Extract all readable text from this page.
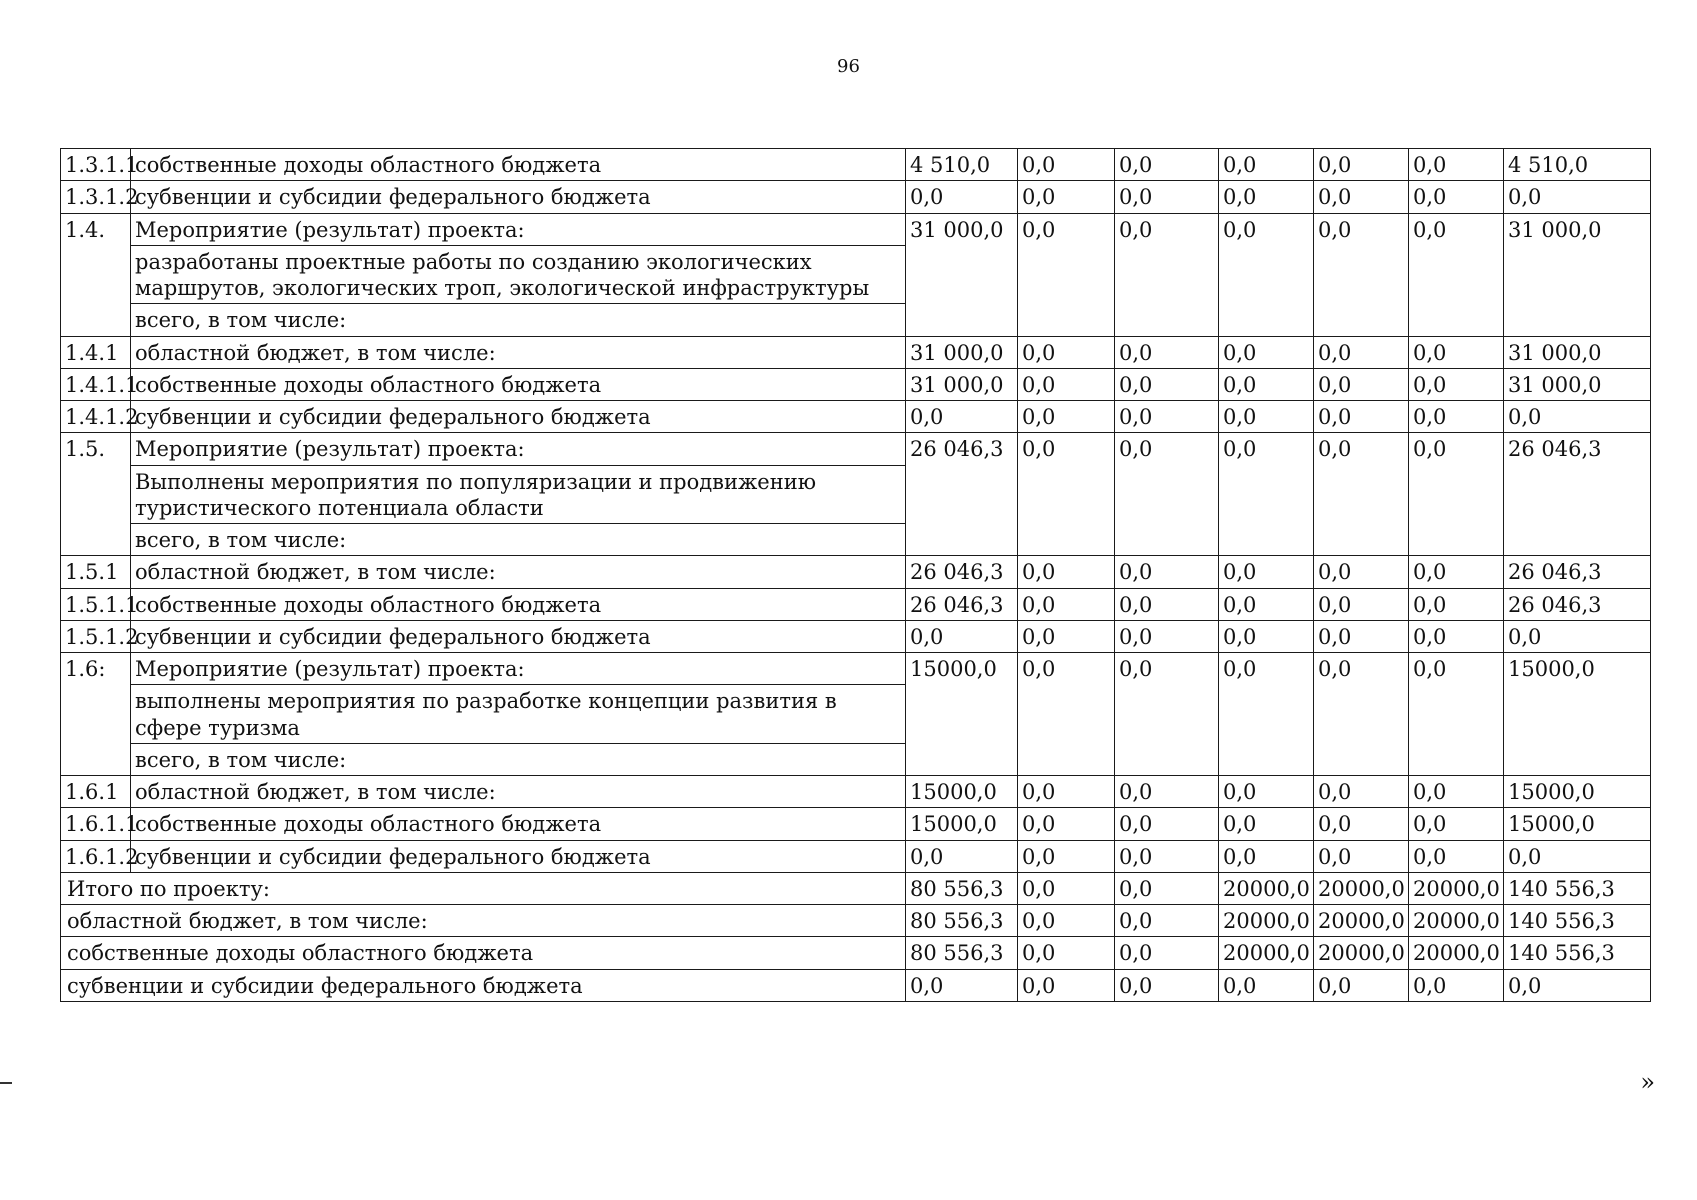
96
1.3.1.1	собственные доходы областного бюджета	4 510,0	0,0	0,0	0,0	0,0	0,0	4 510,0
1.3.1.2	субвенции и субсидии федерального бюджета	0,0	0,0	0,0	0,0	0,0	0,0	0,0
1.4.	Мероприятие (результат) проекта:	31 000,0	0,0	0,0	0,0	0,0	0,0	31 000,0
	разработаны проектные работы по созданию экологических маршрутов, экологических троп, экологической инфраструктуры							
	всего, в том числе:							
1.4.1	областной бюджет, в том числе:	31 000,0	0,0	0,0	0,0	0,0	0,0	31 000,0
1.4.1.1	собственные доходы областного бюджета	31 000,0	0,0	0,0	0,0	0,0	0,0	31 000,0
1.4.1.2	субвенции и субсидии федерального бюджета	0,0	0,0	0,0	0,0	0,0	0,0	0,0
1.5.	Мероприятие (результат) проекта:	26 046,3	0,0	0,0	0,0	0,0	0,0	26 046,3
	Выполнены мероприятия по популяризации и продвижению туристического потенциала области							
	всего, в том числе:							
1.5.1	областной бюджет, в том числе:	26 046,3	0,0	0,0	0,0	0,0	0,0	26 046,3
1.5.1.1	собственные доходы областного бюджета	26 046,3	0,0	0,0	0,0	0,0	0,0	26 046,3
1.5.1.2	субвенции и субсидии федерального бюджета	0,0	0,0	0,0	0,0	0,0	0,0	0,0
1.6:	Мероприятие (результат) проекта:	15000,0	0,0	0,0	0,0	0,0	0,0	15000,0
	выполнены мероприятия по разработке концепции развития в сфере туризма							
	всего, в том числе:							
1.6.1	областной бюджет, в том числе:	15000,0	0,0	0,0	0,0	0,0	0,0	15000,0
1.6.1.1	собственные доходы областного бюджета	15000,0	0,0	0,0	0,0	0,0	0,0	15000,0
1.6.1.2	субвенции и субсидии федерального бюджета	0,0	0,0	0,0	0,0	0,0	0,0	0,0
Итого по проекту:		80 556,3	0,0	0,0	20000,0	20000,0	20000,0	140 556,3
областной бюджет, в том числе:		80 556,3	0,0	0,0	20000,0	20000,0	20000,0	140 556,3
собственные доходы областного бюджета		80 556,3	0,0	0,0	20000,0	20000,0	20000,0	140 556,3
субвенции и субсидии федерального бюджета		0,0	0,0	0,0	0,0	0,0	0,0	0,0
»
